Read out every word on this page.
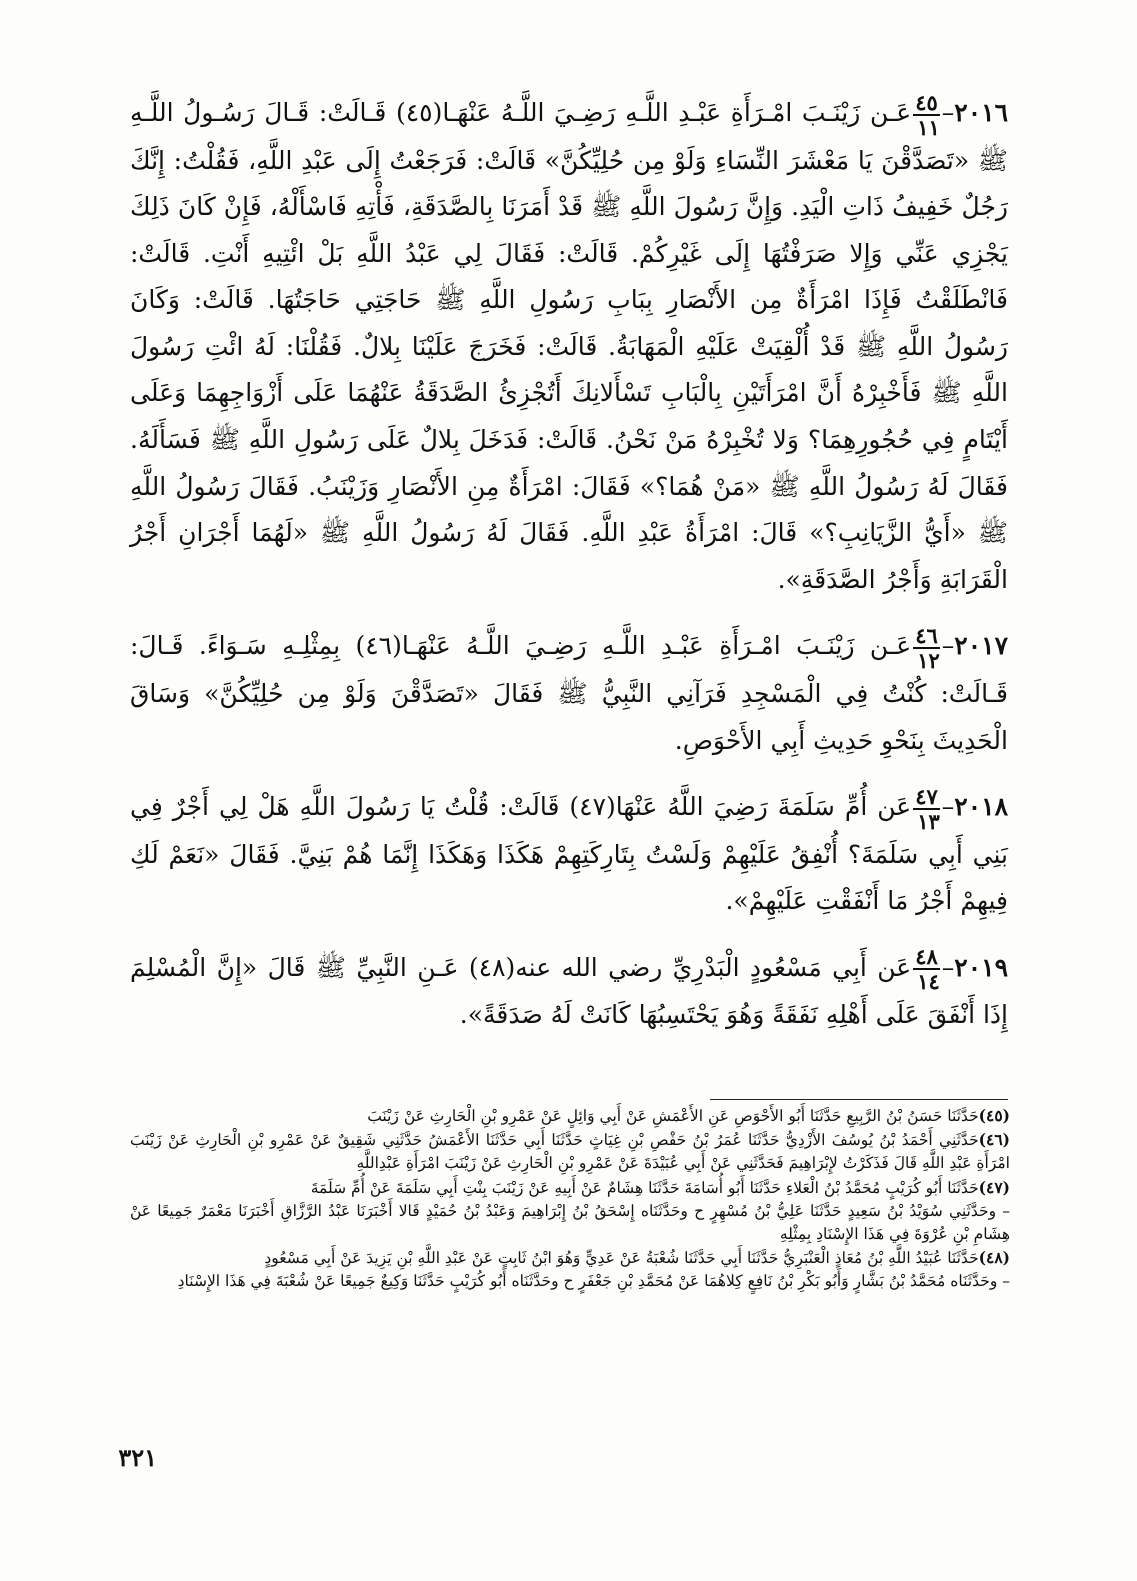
٢٠١٦–
$\frac{٤٥}{١١}$
عَـن زَيْنَـبَ امْـرَأَةِ عَبْـدِ اللَّـهِ رَضِـيَ اللَّـهُ عَنْهَـا(٤٥) قَـالَتْ: قَـالَ رَسُـولُ اللَّـهِ ﷺ «تَصَدَّقْنَ يَا مَعْشَرَ النِّسَاءِ وَلَوْ مِن حُلِيِّكُنَّ» قَالَتْ: فَرَجَعْتُ إِلَى عَبْدِ اللَّهِ، فَقُلْتُ: إِنَّكَ رَجُلٌ خَفِيفُ ذَاتِ الْيَدِ. وَإِنَّ رَسُولَ اللَّهِ ﷺ قَدْ أَمَرَنَا بِالصَّدَقَةِ، فَأْتِهِ فَاسْأَلْهُ، فَإِنْ كَانَ ذَلِكَ يَجْزِي عَنِّي وَإِلا صَرَفْتُهَا إِلَى غَيْرِكُمْ. قَالَتْ: فَقَالَ لِي عَبْدُ اللَّهِ بَلْ ائْتِيهِ أَنْتِ. قَالَتْ: فَانْطَلَقْتُ فَإِذَا امْرَأَةٌ مِن الأَنْصَارِ بِبَابِ رَسُولِ اللَّهِ ﷺ حَاجَتِي حَاجَتُهَا. قَالَتْ: وَكَانَ رَسُولُ اللَّهِ ﷺ قَدْ أُلْقِيَتْ عَلَيْهِ الْمَهَابَةُ. قَالَتْ: فَخَرَجَ عَلَيْنَا بِلالٌ. فَقُلْنَا: لَهُ ائْتِ رَسُولَ اللَّهِ ﷺ فَأَخْبِرْهُ أَنَّ امْرَأَتَيْنِ بِالْبَابِ تَسْأَلانِكَ أَتُجْزِئُ الصَّدَقَةُ عَنْهُمَا عَلَى أَزْوَاجِهِمَا وَعَلَى أَيْتَامٍ فِي حُجُورِهِمَا؟ وَلا تُخْبِرْهُ مَنْ نَحْنُ. قَالَتْ: فَدَخَلَ بِلالٌ عَلَى رَسُولِ اللَّهِ ﷺ فَسَأَلَهُ. فَقَالَ لَهُ رَسُولُ اللَّهِ ﷺ «مَنْ هُمَا؟» فَقَالَ: امْرَأَةٌ مِنِ الأَنْصَارِ وَزَيْنَبُ. فَقَالَ رَسُولُ اللَّهِ ﷺ «أَيُّ الزَّيَانِبِ؟» قَالَ: امْرَأَةُ عَبْدِ اللَّهِ. فَقَالَ لَهُ رَسُولُ اللَّهِ ﷺ «لَهُمَا أَجْرَانِ أَجْرُ الْقَرَابَةِ وَأَجْرُ الصَّدَقَةِ».

٢٠١٧–
$\frac{٤٦}{١٢}$
عَـن زَيْنَـبَ امْـرَأَةِ عَبْـدِ اللَّـهِ رَضِـيَ اللَّـهُ عَنْهَـا(٤٦) بِمِثْلِـهِ سَـوَاءً. قَـالَ: قَـالَتْ: كُنْتُ فِي الْمَسْجِدِ فَرَآنِي النَّبِيُّ ﷺ فَقَالَ «تَصَدَّقْنَ وَلَوْ مِن حُلِيِّكُنَّ» وَسَاقَ الْحَدِيثَ بِنَحْوِ حَدِيثِ أَبِي الأَحْوَصِ.

٢٠١٨–
$\frac{٤٧}{١٣}$
عَن أُمِّ سَلَمَةَ رَضِيَ اللَّهُ عَنْهَا(٤٧) قَالَتْ: قُلْتُ يَا رَسُولَ اللَّهِ هَلْ لِي أَجْرٌ فِي بَنِي أَبِي سَلَمَةَ؟ أُنْفِقُ عَلَيْهِمْ وَلَسْتُ بِتَارِكَتِهِمْ هَكَذَا وَهَكَذَا إِنَّمَا هُمْ بَنِيَّ. فَقَالَ «نَعَمْ لَكِ فِيهِمْ أَجْرُ مَا أَنْفَقْتِ عَلَيْهِمْ».

٢٠١٩–
$\frac{٤٨}{١٤}$
عَن أَبِي مَسْعُودٍ الْبَدْرِيِّ رضي الله عنه(٤٨) عَـنِ النَّبِيِّ ﷺ قَالَ «إِنَّ الْمُسْلِمَ إِذَا أَنْفَقَ عَلَى أَهْلِهِ نَفَقَةً وَهُوَ يَحْتَسِبُهَا كَانَتْ لَهُ صَدَقَةً».

(٤٥)حَدَّثَنَا حَسَنُ بْنُ الرَّبِيعِ حَدَّثَنَا أَبُو الأَحْوَصِ عَنِ الأَعْمَشِ عَنْ أَبِي وَائِلٍ عَنْ عَمْرِو بْنِ الْحَارِثِ عَنْ زَيْنَبَ

(٤٦)حَدَّثَنِي أَحْمَدُ بْنُ يُوسُفَ الأَزْدِيُّ حَدَّثَنَا عُمَرُ بْنُ حَفْصِ بْنِ غِيَاثٍ حَدَّثَنَا أَبِي حَدَّثَنَا الأَعْمَشُ حَدَّثَنِي شَقِيقٌ عَنْ عَمْرِو بْنِ الْحَارِثِ عَنْ زَيْنَبَ امْرَأَةِ عَبْدِ اللَّهِ قَالَ فَذَكَرْتُ لإِبْرَاهِيمَ فَحَدَّثَنِي عَنْ أَبِي عُبَيْدَةَ عَنْ عَمْرِو بْنِ الْحَارِثِ عَنْ زَيْنَبَ امْرَأَةِ عَبْدِاللَّهِ

(٤٧)حَدَّثَنَا أَبُو كُرَيْبٍ مُحَمَّدُ بْنُ الْعَلاءِ حَدَّثَنَا أَبُو أُسَامَةَ حَدَّثَنَا هِشَامٌ عَنْ أَبِيهِ عَنْ زَيْنَبَ بِنْتِ أَبِي سَلَمَةَ عَنْ أُمِّ سَلَمَةَ

– وحَدَّثَنِي سُوَيْدُ بْنُ سَعِيدٍ حَدَّثَنَا عَلِيُّ بْنُ مُسْهِرٍ ح وحَدَّثَنَاه إِسْحَقُ بْنُ إِبْرَاهِيمَ وَعَبْدُ بْنُ حُمَيْدٍ قَالا أَخْبَرَنَا عَبْدُ الرَّزَّاقِ أَخْبَرَنَا مَعْمَرٌ جَمِيعًا عَنْ هِشَامِ بْنِ عُرْوَةَ فِي هَذَا الإِسْنَادِ بِمِثْلِهِ

(٤٨)حَدَّثَنَا عُبَيْدُ اللَّهِ بْنُ مُعَاذٍ الْعَنْبَرِيُّ حَدَّثَنَا أَبِي حَدَّثَنَا شُعْبَةُ عَنْ عَدِيٍّ وَهُوَ ابْنُ ثَابِتٍ عَنْ عَبْدِ اللَّهِ بْنِ يَزِيدَ عَنْ أَبِي مَسْعُودٍ

– وحَدَّثَنَاه مُحَمَّدُ بْنُ بَشَّارٍ وَأَبُو بَكْرِ بْنُ نَافِعٍ كِلاهُمَا عَنْ مُحَمَّدِ بْنِ جَعْفَرٍ ح وحَدَّثَنَاه أَبُو كُرَيْبٍ حَدَّثَنَا وَكِيعٌ جَمِيعًا عَنْ شُعْبَةَ فِي هَذَا الإِسْنَادِ

٣٢١
